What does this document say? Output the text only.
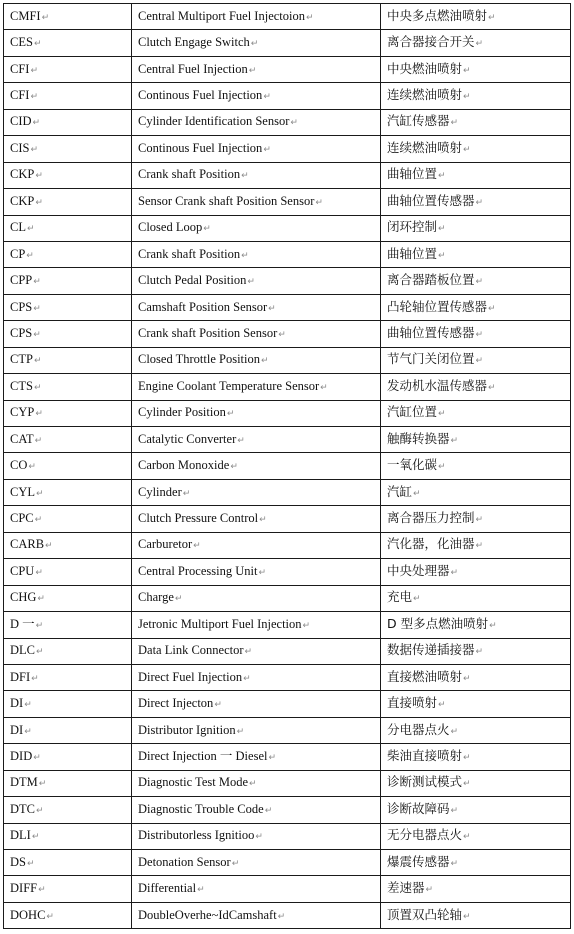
CMFI↵	Central Multiport Fuel Injectoion↵	中央多点燃油喷射↵
CES↵	Clutch Engage Switch↵	离合器接合开关↵
CFI↵	Central Fuel Injection↵	中央燃油喷射↵
CFI↵	Continous Fuel Injection↵	连续燃油喷射↵
CID↵	Cylinder Identification Sensor↵	汽缸传感器↵
CIS↵	Continous Fuel Injection↵	连续燃油喷射↵
CKP↵	Crank shaft Position↵	曲轴位置↵
CKP↵	Sensor Crank shaft Position Sensor↵	曲轴位置传感器↵
CL↵	Closed Loop↵	闭环控制↵
CP↵	Crank shaft Position↵	曲轴位置↵
CPP↵	Clutch Pedal Position↵	离合器踏板位置↵
CPS↵	Camshaft Position Sensor↵	凸轮轴位置传感器↵
CPS↵	Crank shaft Position Sensor↵	曲轴位置传感器↵
CTP↵	Closed Throttle Position↵	节气门关闭位置↵
CTS↵	Engine Coolant Temperature Sensor↵	发动机水温传感器↵
CYP↵	Cylinder Position↵	汽缸位置↵
CAT↵	Catalytic Converter↵	触酶转换器↵
CO↵	Carbon Monoxide↵	一氧化碳↵
CYL↵	Cylinder↵	汽缸↵
CPC↵	Clutch Pressure Control↵	离合器压力控制↵
CARB↵	Carburetor↵	汽化器，化油器↵
CPU↵	Central Processing Unit↵	中央处理器↵
CHG↵	Charge↵	充电↵
D 一↵	Jetronic Multiport Fuel Injection↵	D 型多点燃油喷射↵
DLC↵	Data Link Connector↵	数据传递插接器↵
DFI↵	Direct Fuel Injection↵	直接燃油喷射↵
DI↵	Direct Injecton↵	直接喷射↵
DI↵	Distributor Ignition↵	分电器点火↵
DID↵	Direct Injection 一 Diesel↵	柴油直接喷射↵
DTM↵	Diagnostic Test Mode↵	诊断测试模式↵
DTC↵	Diagnostic Trouble Code↵	诊断故障码↵
DLI↵	Distributorless Ignitioo↵	无分电器点火↵
DS↵	Detonation Sensor↵	爆震传感器↵
DIFF↵	Differential↵	差速器↵
DOHC↵	DoubleOverhe~IdCamshaft↵	顶置双凸轮轴↵
